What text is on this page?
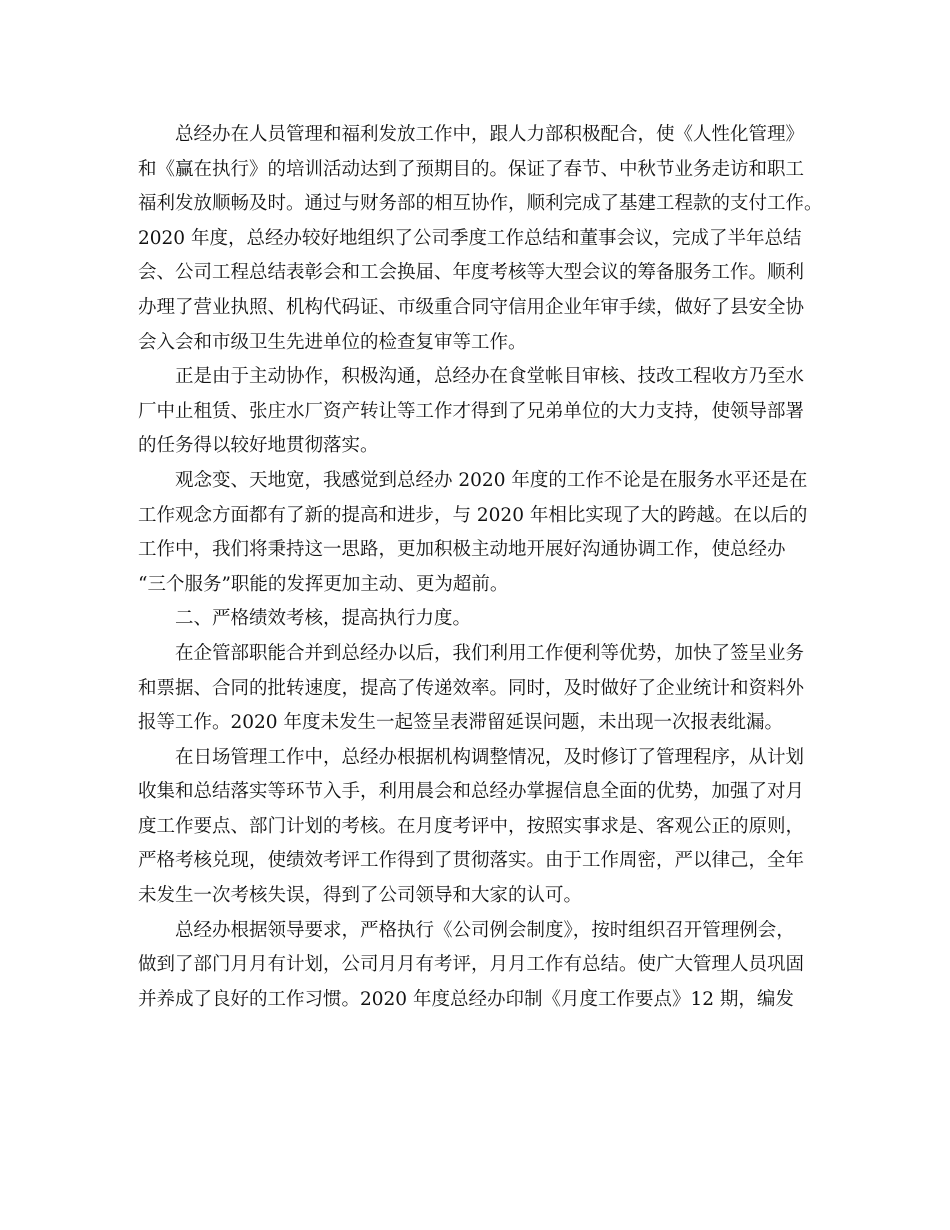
总经办在人员管理和福利发放工作中，跟人力部积极配合，使《人性化管理》
和《赢在执行》的培训活动达到了预期目的。保证了春节、中秋节业务走访和职工
福利发放顺畅及时。通过与财务部的相互协作，顺利完成了基建工程款的支付工作。
2020 年度，总经办较好地组织了公司季度工作总结和董事会议，完成了半年总结
会、公司工程总结表彰会和工会换届、年度考核等大型会议的筹备服务工作。顺利
办理了营业执照、机构代码证、市级重合同守信用企业年审手续，做好了县安全协
会入会和市级卫生先进单位的检查复审等工作。
正是由于主动协作，积极沟通，总经办在食堂帐目审核、技改工程收方乃至水
厂中止租赁、张庄水厂资产转让等工作才得到了兄弟单位的大力支持，使领导部署
的任务得以较好地贯彻落实。
观念变、天地宽，我感觉到总经办 2020 年度的工作不论是在服务水平还是在
工作观念方面都有了新的提高和进步，与 2020 年相比实现了大的跨越。在以后的
工作中，我们将秉持这一思路，更加积极主动地开展好沟通协调工作，使总经办
“三个服务”职能的发挥更加主动、更为超前。
二、严格绩效考核，提高执行力度。
在企管部职能合并到总经办以后，我们利用工作便利等优势，加快了签呈业务
和票据、合同的批转速度，提高了传递效率。同时，及时做好了企业统计和资料外
报等工作。2020 年度未发生一起签呈表滞留延误问题，未出现一次报表纰漏。
在日场管理工作中，总经办根据机构调整情况，及时修订了管理程序，从计划
收集和总结落实等环节入手，利用晨会和总经办掌握信息全面的优势，加强了对月
度工作要点、部门计划的考核。在月度考评中，按照实事求是、客观公正的原则，
严格考核兑现，使绩效考评工作得到了贯彻落实。由于工作周密，严以律己，全年
未发生一次考核失误，得到了公司领导和大家的认可。
总经办根据领导要求，严格执行《公司例会制度》，按时组织召开管理例会，
做到了部门月月有计划，公司月月有考评，月月工作有总结。使广大管理人员巩固
并养成了良好的工作习惯。2020 年度总经办印制《月度工作要点》12 期，编发
